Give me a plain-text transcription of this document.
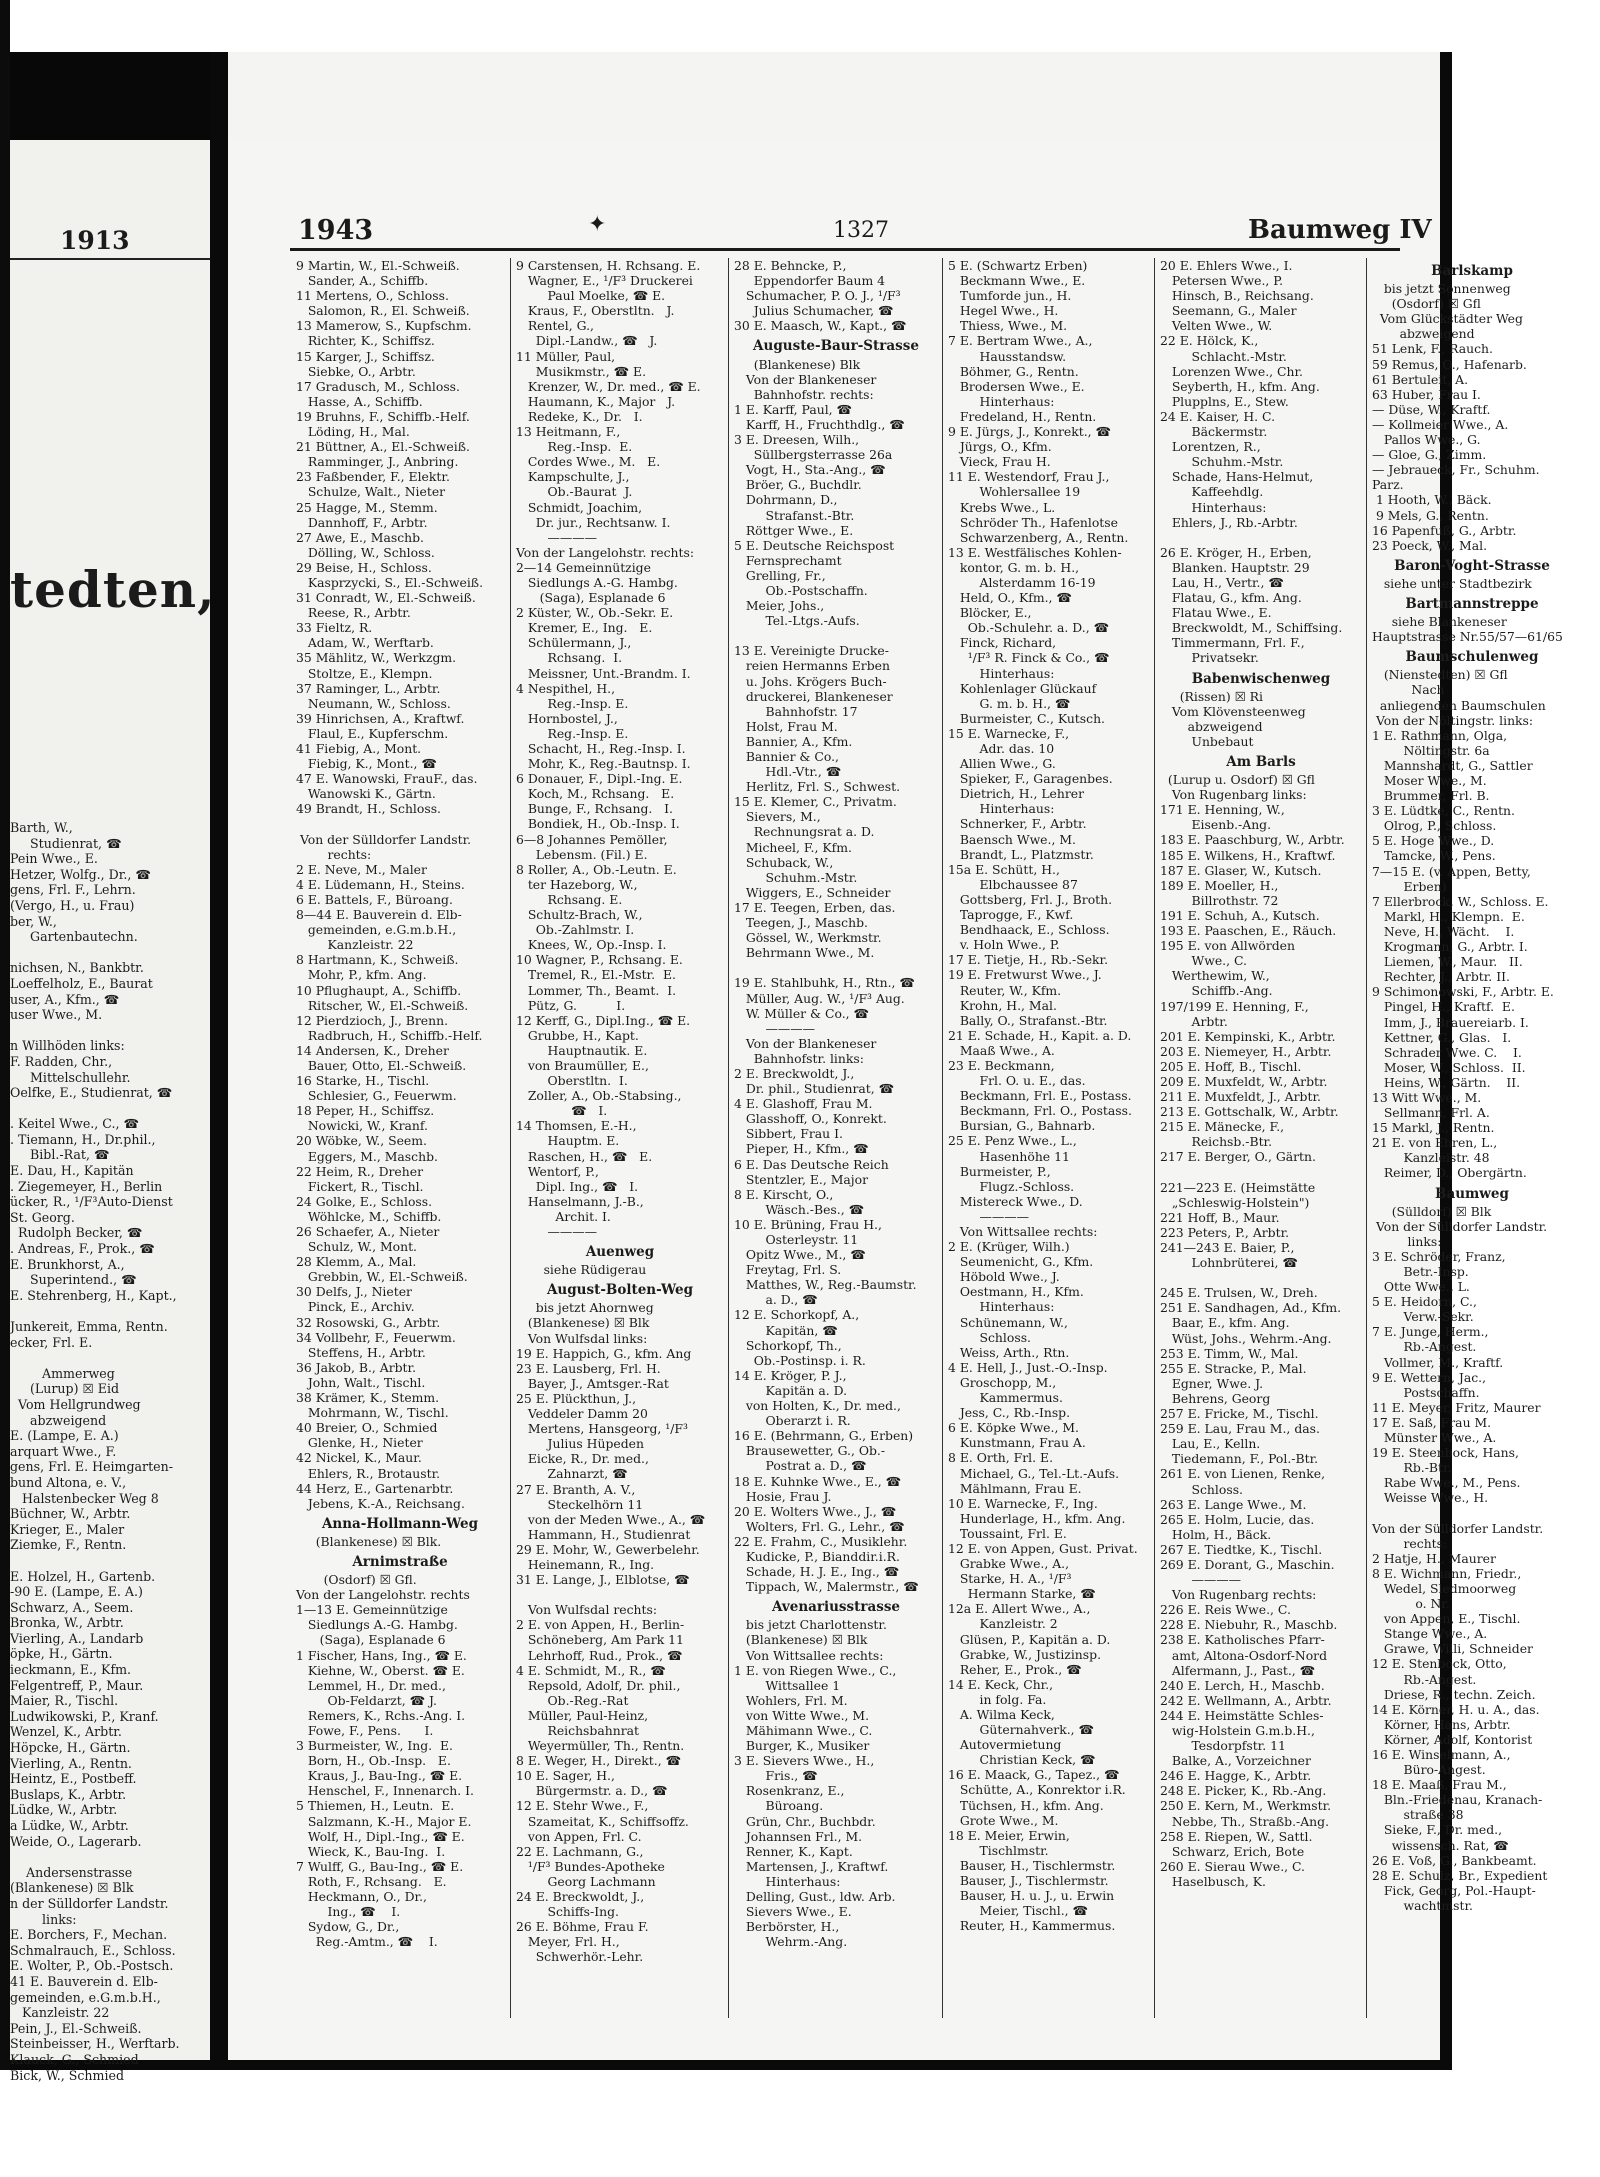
1913
tedten,
Barth, W.,
Studienrat, ☎
Pein Wwe., E.
Hetzer, Wolfg., Dr., ☎
gens, Frl. F., Lehrn.
(Vergo, H., u. Frau)
ber, W.,
Gartenbautechn.

nichsen, N., Bankbtr.
Loeffelholz, E., Baurat
user, A., Kfm., ☎
user Wwe., M.

n Willhöden links:
F. Radden, Chr.,
Mittelschullehr.
Oelfke, E., Studienrat, ☎

. Keitel Wwe., C., ☎
. Tiemann, H., Dr.phil.,
Bibl.-Rat, ☎
E. Dau, H., Kapitän
. Ziegemeyer, H., Berlin
ücker, R., ¹/F³Auto-Dienst
St. Georg.
Rudolph Becker, ☎
. Andreas, F., Prok., ☎
E. Brunkhorst, A.,
Superintend., ☎
E. Stehrenberg, H., Kapt.,

Junkereit, Emma, Rentn.
ecker, Frl. E.

Ammerweg
(Lurup) ☒ Eid
Vom Hellgrundweg
abzweigend
E. (Lampe, E. A.)
arquart Wwe., F.
gens, Frl. E. Heimgarten-
bund Altona, e. V.,
Halstenbecker Weg 8
Büchner, W., Arbtr.
Krieger, E., Maler
Ziemke, F., Rentn.

E. Holzel, H., Gartenb.
-90 E. (Lampe, E. A.)
Schwarz, A., Seem.
Bronka, W., Arbtr.
Vierling, A., Landarb
öpke, H., Gärtn.
ieckmann, E., Kfm.
Felgentreff, P., Maur.
Maier, R., Tischl.
Ludwikowski, P., Kranf.
Wenzel, K., Arbtr.
Höpcke, H., Gärtn.
Vierling, A., Rentn.
Heintz, E., Postbeff.
Buslaps, K., Arbtr.
Lüdke, W., Arbtr.
a Lüdke, W., Arbtr.
Weide, O., Lagerarb.

Andersenstrasse
(Blankenese) ☒ Blk
n der Sülldorfer Landstr.
links:
E. Borchers, F., Mechan.
Schmalrauch, E., Schloss.
E. Wolter, P., Ob.-Postsch.
41 E. Bauverein d. Elb-
gemeinden, e.G.m.b.H.,
Kanzleistr. 22
Pein, J., El.-Schweiß.
Steinbeisser, H., Werftarb.
Klauck, G., Schmied
Bick, W., Schmied
1943	✦	1327	Baumweg IV
9 Martin, W., El.-Schweiß.
Sander, A., Schiffb.
11 Mertens, O., Schloss.
Salomon, R., El. Schweiß.
13 Mamerow, S., Kupfschm.
Richter, K., Schiffsz.
15 Karger, J., Schiffsz.
Siebke, O., Arbtr.
17 Gradusch, M., Schloss.
Hasse, A., Schiffb.
19 Bruhns, F., Schiffb.-Helf.
Löding, H., Mal.
21 Büttner, A., El.-Schweiß.
Ramminger, J., Anbring.
23 Faßbender, F., Elektr.
Schulze, Walt., Nieter
25 Hagge, M., Stemm.
Dannhoff, F., Arbtr.
27 Awe, E., Maschb.
Dölling, W., Schloss.
29 Beise, H., Schloss.
Kasprzycki, S., El.-Schweiß.
31 Conradt, W., El.-Schweiß.
Reese, R., Arbtr.
33 Fieltz, R.
Adam, W., Werftarb.
35 Mählitz, W., Werkzgm.
Stoltze, E., Klempn.
37 Raminger, L., Arbtr.
Neumann, W., Schloss.
39 Hinrichsen, A., Kraftwf.
Flaul, E., Kupferschm.
41 Fiebig, A., Mont.
Fiebig, K., Mont., ☎
47 E. Wanowski, FrauF., das.
Wanowski K., Gärtn.
49 Brandt, H., Schloss.

Von der Sülldorfer Landstr.
rechts:
2 E. Neve, M., Maler
4 E. Lüdemann, H., Steins.
6 E. Battels, F., Büroang.
8—44 E. Bauverein d. Elb-
gemeinden, e.G.m.b.H.,
Kanzleistr. 22
8 Hartmann, K., Schweiß.
Mohr, P., kfm. Ang.
10 Pflughaupt, A., Schiffb.
Ritscher, W., El.-Schweiß.
12 Pierdzioch, J., Brenn.
Radbruch, H., Schiffb.-Helf.
14 Andersen, K., Dreher
Bauer, Otto, El.-Schweiß.
16 Starke, H., Tischl.
Schlesier, G., Feuerwm.
18 Peper, H., Schiffsz.
Nowicki, W., Kranf.
20 Wöbke, W., Seem.
Eggers, M., Maschb.
22 Heim, R., Dreher
Fickert, R., Tischl.
24 Golke, E., Schloss.
Wöhlcke, M., Schiffb.
26 Schaefer, A., Nieter
Schulz, W., Mont.
28 Klemm, A., Mal.
Grebbin, W., El.-Schweiß.
30 Delfs, J., Nieter
Pinck, E., Archiv.
32 Rosowski, G., Arbtr.
34 Vollbehr, F., Feuerwm.
Steffens, H., Arbtr.
36 Jakob, B., Arbtr.
John, Walt., Tischl.
38 Krämer, K., Stemm.
Mohrmann, W., Tischl.
40 Breier, O., Schmied
Glenke, H., Nieter
42 Nickel, K., Maur.
Ehlers, R., Brotaustr.
44 Herz, E., Gartenarbtr.
Jebens, K.-A., Reichsang.
Anna-Hollmann-Weg
(Blankenese) ☒ Blk.
Arnimstraße
(Osdorf) ☒ Gfl.
Von der Langelohstr. rechts
1—13 E. Gemeinnützige
Siedlungs A.-G. Hambg.
(Saga), Esplanade 6
1 Fischer, Hans, Ing., ☎ E.
Kiehne, W., Oberst. ☎ E.
Lemmel, H., Dr. med.,
Ob-Feldarzt, ☎ J.
Remers, K., Rchs.-Ang. I.
Fowe, F., Pens.      I.
3 Burmeister, W., Ing.  E.
Born, H., Ob.-Insp.   E.
Kraus, J., Bau-Ing., ☎ E.
Henschel, F., Innenarch. I.
5 Thiemen, H., Leutn.  E.
Salzmann, K.-H., Major E.
Wolf, H., Dipl.-Ing., ☎ E.
Wieck, K., Bau-Ing.  I.
7 Wulff, G., Bau-Ing., ☎ E.
Roth, F., Rchsang.   E.
Heckmann, O., Dr.,
Ing., ☎    I.
Sydow, G., Dr.,
Reg.-Amtm., ☎    I.
9 Carstensen, H. Rchsang. E.
Wagner, E., ¹/F³ Druckerei
Paul Moelke, ☎ E.
Kraus, F., Oberstltn.   J.
Rentel, G.,
Dipl.-Landw., ☎   J.
11 Müller, Paul,
Musikmstr., ☎ E.
Krenzer, W., Dr. med., ☎ E.
Haumann, K., Major   J.
Redeke, K., Dr.   I.
13 Heitmann, F.,
Reg.-Insp.  E.
Cordes Wwe., M.   E.
Kampschulte, J.,
Ob.-Baurat  J.
Schmidt, Joachim,
Dr. jur., Rechtsanw. I.
————
Von der Langelohstr. rechts:
2—14 Gemeinnützige
Siedlungs A.-G. Hambg.
(Saga), Esplanade 6
2 Küster, W., Ob.-Sekr. E.
Kremer, E., Ing.   E.
Schülermann, J.,
Rchsang.  I.
Meissner, Unt.-Brandm. I.
4 Nespithel, H.,
Reg.-Insp. E.
Hornbostel, J.,
Reg.-Insp. E.
Schacht, H., Reg.-Insp. I.
Mohr, K., Reg.-Bautnsp. I.
6 Donauer, F., Dipl.-Ing. E.
Koch, M., Rchsang.   E.
Bunge, F., Rchsang.   I.
Bondiek, H., Ob.-Insp. I.
6—8 Johannes Pemöller,
Lebensm. (Fil.) E.
8 Roller, A., Ob.-Leutn. E.
ter Hazeborg, W.,
Rchsang. E.
Schultz-Brach, W.,
Ob.-Zahlmstr. I.
Knees, W., Op.-Insp. I.
10 Wagner, P., Rchsang. E.
Tremel, R., El.-Mstr.  E.
Lommer, Th., Beamt.  I.
Pütz, G.          I.
12 Kerff, G., Dipl.Ing., ☎ E.
Grubbe, H., Kapt.
Hauptnautik. E.
von Braumüller, E.,
Oberstltn.  I.
Zoller, A., Ob.-Stabsing.,
☎   I.
14 Thomsen, E.-H.,
Hauptm. E.
Raschen, H., ☎   E.
Wentorf, P.,
Dipl. Ing., ☎   I.
Hanselmann, J.-B.,
Archit. I.
————
Auenweg
siehe Rüdigerau
August-Bolten-Weg
bis jetzt Ahornweg
(Blankenese) ☒ Blk
Von Wulfsdal links:
19 E. Happich, G., kfm. Ang
23 E. Lausberg, Frl. H.
Bayer, J., Amtsger.-Rat
25 E. Plückthun, J.,
Veddeler Damm 20
Mertens, Hansgeorg, ¹/F³
Julius Hüpeden
Eicke, R., Dr. med.,
Zahnarzt, ☎
27 E. Branth, A. V.,
Steckelhörn 11
von der Meden Wwe., A., ☎
Hammann, H., Studienrat
29 E. Mohr, W., Gewerbelehr.
Heinemann, R., Ing.
31 E. Lange, J., Elblotse, ☎

Von Wulfsdal rechts:
2 E. von Appen, H., Berlin-
Schöneberg, Am Park 11
Lehrhoff, Rud., Prok., ☎
4 E. Schmidt, M., R., ☎
Repsold, Adolf, Dr. phil.,
Ob.-Reg.-Rat
Müller, Paul-Heinz,
Reichsbahnrat
Weyermüller, Th., Rentn.
8 E. Weger, H., Direkt., ☎
10 E. Sager, H.,
Bürgermstr. a. D., ☎
12 E. Stehr Wwe., F.,
Szameitat, K., Schiffsoffz.
von Appen, Frl. C.
22 E. Lachmann, G.,
¹/F³ Bundes-Apotheke
Georg Lachmann
24 E. Breckwoldt, J.,
Schiffs-Ing.
26 E. Böhme, Frau F.
Meyer, Frl. H.,
Schwerhör.-Lehr.
28 E. Behncke, P.,
Eppendorfer Baum 4
Schumacher, P. O. J., ¹/F³
Julius Schumacher, ☎
30 E. Maasch, W., Kapt., ☎
Auguste-Baur-Strasse
(Blankenese) Blk
Von der Blankeneser
Bahnhofstr. rechts:
1 E. Karff, Paul, ☎
Karff, H., Fruchthdlg., ☎
3 E. Dreesen, Wilh.,
Süllbergsterrasse 26a
Vogt, H., Sta.-Ang., ☎
Bröer, G., Buchdlr.
Dohrmann, D.,
Strafanst.-Btr.
Röttger Wwe., E.
5 E. Deutsche Reichspost
Fernsprechamt
Grelling, Fr.,
Ob.-Postschaffn.
Meier, Johs.,
Tel.-Ltgs.-Aufs.

13 E. Vereinigte Drucke-
reien Hermanns Erben
u. Johs. Krögers Buch-
druckerei, Blankeneser
Bahnhofstr. 17
Holst, Frau M.
Bannier, A., Kfm.
Bannier & Co.,
Hdl.-Vtr., ☎
Herlitz, Frl. S., Schwest.
15 E. Klemer, C., Privatm.
Sievers, M.,
Rechnungsrat a. D.
Micheel, F., Kfm.
Schuback, W.,
Schuhm.-Mstr.
Wiggers, E., Schneider
17 E. Teegen, Erben, das.
Teegen, J., Maschb.
Gössel, W., Werkmstr.
Behrmann Wwe., M.

19 E. Stahlbuhk, H., Rtn., ☎
Müller, Aug. W., ¹/F³ Aug.
W. Müller & Co., ☎
————
Von der Blankeneser
Bahnhofstr. links:
2 E. Breckwoldt, J.,
Dr. phil., Studienrat, ☎
4 E. Glashoff, Frau M.
Glasshoff, O., Konrekt.
Sibbert, Frau I.
Pieper, H., Kfm., ☎
6 E. Das Deutsche Reich
Stentzler, E., Major
8 E. Kirscht, O.,
Wäsch.-Bes., ☎
10 E. Brüning, Frau H.,
Osterleystr. 11
Opitz Wwe., M., ☎
Freytag, Frl. S.
Matthes, W., Reg.-Baumstr.
a. D., ☎
12 E. Schorkopf, A.,
Kapitän, ☎
Schorkopf, Th.,
Ob.-Postinsp. i. R.
14 E. Kröger, P. J.,
Kapitän a. D.
von Holten, K., Dr. med.,
Oberarzt i. R.
16 E. (Behrmann, G., Erben)
Brausewetter, G., Ob.-
Postrat a. D., ☎
18 E. Kuhnke Wwe., E., ☎
Hosie, Frau J.
20 E. Wolters Wwe., J., ☎
Wolters, Frl. G., Lehr., ☎
22 E. Frahm, C., Musiklehr.
Kudicke, P., Bianddir.i.R.
Schade, H. J. E., Ing., ☎
Tippach, W., Malermstr., ☎
Avenariusstrasse
bis jetzt Charlottenstr.
(Blankenese) ☒ Blk
Von Wittsallee rechts:
1 E. von Riegen Wwe., C.,
Wittsallee 1
Wohlers, Frl. M.
von Witte Wwe., M.
Mähimann Wwe., C.
Burger, K., Musiker
3 E. Sievers Wwe., H.,
Fris., ☎
Rosenkranz, E.,
Büroang.
Grün, Chr., Buchbdr.
Johannsen Frl., M.
Renner, K., Kapt.
Martensen, J., Kraftwf.
Hinterhaus:
Delling, Gust., ldw. Arb.
Sievers Wwe., E.
Berbörster, H.,
Wehrm.-Ang.
5 E. (Schwartz Erben)
Beckmann Wwe., E.
Tumforde jun., H.
Hegel Wwe., H.
Thiess, Wwe., M.
7 E. Bertram Wwe., A.,
Hausstandsw.
Böhmer, G., Rentn.
Brodersen Wwe., E.
Hinterhaus:
Fredeland, H., Rentn.
9 E. Jürgs, J., Konrekt., ☎
Jürgs, O., Kfm.
Vieck, Frau H.
11 E. Westendorf, Frau J.,
Wohlersallee 19
Krebs Wwe., L.
Schröder Th., Hafenlotse
Schwarzenberg, A., Rentn.
13 E. Westfälisches Kohlen-
kontor, G. m. b. H.,
Alsterdamm 16-19
Held, O., Kfm., ☎
Blöcker, E.,
Ob.-Schulehr. a. D., ☎
Finck, Richard,
¹/F³ R. Finck & Co., ☎
Hinterhaus:
Kohlenlager Glückauf
G. m. b. H., ☎
Burmeister, C., Kutsch.
15 E. Warnecke, F.,
Adr. das. 10
Allien Wwe., G.
Spieker, F., Garagenbes.
Dietrich, H., Lehrer
Hinterhaus:
Schnerker, F., Arbtr.
Baensch Wwe., M.
Brandt, L., Platzmstr.
15a E. Schütt, H.,
Elbchaussee 87
Gottsberg, Frl. J., Broth.
Taprogge, F., Kwf.
Bendhaack, E., Schloss.
v. Holn Wwe., P.
17 E. Tietje, H., Rb.-Sekr.
19 E. Fretwurst Wwe., J.
Reuter, W., Kfm.
Krohn, H., Mal.
Bally, O., Strafanst.-Btr.
21 E. Schade, H., Kapit. a. D.
Maaß Wwe., A.
23 E. Beckmann,
Frl. O. u. E., das.
Beckmann, Frl. E., Postass.
Beckmann, Frl. O., Postass.
Bursian, G., Bahnarb.
25 E. Penz Wwe., L.,
Hasenhöhe 11
Burmeister, P.,
Flugz.-Schloss.
Mistereck Wwe., D.
————
Von Wittsallee rechts:
2 E. (Krüger, Wilh.)
Seumenicht, G., Kfm.
Höbold Wwe., J.
Oestmann, H., Kfm.
Hinterhaus:
Schünemann, W.,
Schloss.
Weiss, Arth., Rtn.
4 E. Hell, J., Just.-O.-Insp.
Groschopp, M.,
Kammermus.
Jess, C., Rb.-Insp.
6 E. Köpke Wwe., M.
Kunstmann, Frau A.
8 E. Orth, Frl. E.
Michael, G., Tel.-Lt.-Aufs.
Mählmann, Frau E.
10 E. Warnecke, F., Ing.
Hunderlage, H., kfm. Ang.
Toussaint, Frl. E.
12 E. von Appen, Gust. Privat.
Grabke Wwe., A.,
Starke, H. A., ¹/F³
Hermann Starke, ☎
12a E. Allert Wwe., A.,
Kanzleistr. 2
Glüsen, P., Kapitän a. D.
Grabke, W., Justizinsp.
Reher, E., Prok., ☎
14 E. Keck, Chr.,
in folg. Fa.
A. Wilma Keck,
Güternahverk., ☎
Autovermietung
Christian Keck, ☎
16 E. Maack, G., Tapez., ☎
Schütte, A., Konrektor i.R.
Tüchsen, H., kfm. Ang.
Grote Wwe., M.
18 E. Meier, Erwin,
Tischlmstr.
Bauser, H., Tischlermstr.
Bauser, J., Tischlermstr.
Bauser, H. u. J., u. Erwin
Meier, Tischl., ☎
Reuter, H., Kammermus.
20 E. Ehlers Wwe., I.
Petersen Wwe., P.
Hinsch, B., Reichsang.
Seemann, G., Maler
Velten Wwe., W.
22 E. Hölck, K.,
Schlacht.-Mstr.
Lorenzen Wwe., Chr.
Seyberth, H., kfm. Ang.
Plupplns, E., Stew.
24 E. Kaiser, H. C.
Bäckermstr.
Lorentzen, R.,
Schuhm.-Mstr.
Schade, Hans-Helmut,
Kaffeehdlg.
Hinterhaus:
Ehlers, J., Rb.-Arbtr.

26 E. Kröger, H., Erben,
Blanken. Hauptstr. 29
Lau, H., Vertr., ☎
Flatau, G., kfm. Ang.
Flatau Wwe., E.
Breckwoldt, M., Schiffsing.
Timmermann, Frl. F.,
Privatsekr.
Babenwischenweg
(Rissen) ☒ Ri
Vom Klövensteenweg
abzweigend
Unbebaut
Am Barls
(Lurup u. Osdorf) ☒ Gfl
Von Rugenbarg links:
171 E. Henning, W.,
Eisenb.-Ang.
183 E. Paaschburg, W., Arbtr.
185 E. Wilkens, H., Kraftwf.
187 E. Glaser, W., Kutsch.
189 E. Moeller, H.,
Billrothstr. 72
191 E. Schuh, A., Kutsch.
193 E. Paaschen, E., Räuch.
195 E. von Allwörden
Wwe., C.
Werthewim, W.,
Schiffb.-Ang.
197/199 E. Henning, F.,
Arbtr.
201 E. Kempinski, K., Arbtr.
203 E. Niemeyer, H., Arbtr.
205 E. Hoff, B., Tischl.
209 E. Muxfeldt, W., Arbtr.
211 E. Muxfeldt, J., Arbtr.
213 E. Gottschalk, W., Arbtr.
215 E. Mänecke, F.,
Reichsb.-Btr.
217 E. Berger, O., Gärtn.

221—223 E. (Heimstätte
„Schleswig-Holstein")
221 Hoff, B., Maur.
223 Peters, P., Arbtr.
241—243 E. Baier, P.,
Lohnbrüterei, ☎

245 E. Trulsen, W., Dreh.
251 E. Sandhagen, Ad., Kfm.
Baar, E., kfm. Ang.
Wüst, Johs., Wehrm.-Ang.
253 E. Timm, W., Mal.
255 E. Stracke, P., Mal.
Egner, Wwe. J.
Behrens, Georg
257 E. Fricke, M., Tischl.
259 E. Lau, Frau M., das.
Lau, E., Kelln.
Tiedemann, F., Pol.-Btr.
261 E. von Lienen, Renke,
Schloss.
263 E. Lange Wwe., M.
265 E. Holm, Lucie, das.
Holm, H., Bäck.
267 E. Tiedtke, K., Tischl.
269 E. Dorant, G., Maschin.
————
Von Rugenbarg rechts:
226 E. Reis Wwe., C.
228 E. Niebuhr, R., Maschb.
238 E. Katholisches Pfarr-
amt, Altona-Osdorf-Nord
Alfermann, J., Past., ☎
240 E. Lerch, H., Maschb.
242 E. Wellmann, A., Arbtr.
244 E. Heimstätte Schles-
wig-Holstein G.m.b.H.,
Tesdorpfstr. 11
Balke, A., Vorzeichner
246 E. Hagge, K., Arbtr.
248 E. Picker, K., Rb.-Ang.
250 E. Kern, M., Werkmstr.
Nebbe, Th., Straßb.-Ang.
258 E. Riepen, W., Sattl.
Schwarz, Erich, Bote
260 E. Sierau Wwe., C.
Haselbusch, K.
Barlskamp
bis jetzt Sonnenweg
(Osdorf) ☒ Gfl
Vom Glückstädter Weg
abzweigend
51 Lenk, F., Rauch.
59 Remus, O., Hafenarb.
61 Bertuleit, A.
63 Huber, Frau I.
— Düse, W., Kraftf.
— Kollmeier Wwe., A.
Pallos Wwe., G.
— Gloe, G., Zimm.
— Jebraueck, Fr., Schuhm.
Parz.
1 Hooth, W., Bäck.
9 Mels, G., Rentn.
16 Papenfuß, G., Arbtr.
23 Poeck, W., Mal.
Baron-Voght-Strasse
siehe unter Stadtbezirk
Bartmannstreppe
siehe Blankeneser
Hauptstrasse Nr.55/57—61/65
Baumschulenweg
(Nienstedten) ☒ Gfl
Nach
anliegenden Baumschulen
Von der Nöltingstr. links:
1 E. Rathmann, Olga,
Nöltingstr. 6a
Mannshardt, G., Sattler
Moser Wwe., M.
Brummer, Frl. B.
3 E. Lüdtke, C., Rentn.
Olrog, P., Schloss.
5 E. Hoge Wwe., D.
Tamcke, W., Pens.
7—15 E. (v. Appen, Betty,
Erben)
7 Ellerbrock, W., Schloss. E.
Markl, H., Klempn.  E.
Neve, H., Wächt.    I.
Krogmann, G., Arbtr. I.
Liemen, W., Maur.   II.
Rechter, J., Arbtr. II.
9 Schimonowski, F., Arbtr. E.
Pingel, H., Kraftf.  E.
Imm, J., Brauereiarb. I.
Kettner, G., Glas.   I.
Schrader Wwe. C.    I.
Moser, W., Schloss.  II.
Heins, W., Gärtn.    II.
13 Witt Wwe., M.
Sellmann, Frl. A.
15 Markl, J., Rentn.
21 E. von Ehren, L.,
Kanzleistr. 48
Reimer, D., Obergärtn.
Baumweg
(Sülldorf) ☒ Blk
Von der Sülldorfer Landstr.
links:
3 E. Schröder, Franz,
Betr.-Insp.
Otte Wwe., L.
5 E. Heidorn, C.,
Verw.-Sekr.
7 E. Junge, Herm.,
Rb.-Angest.
Vollmer, M., Kraftf.
9 E. Wettern, Jac.,
Postschaffn.
11 E. Meyer, Fritz, Maurer
17 E. Saß, Frau M.
Münster Wwe., A.
19 E. Steenbock, Hans,
Rb.-Btr.
Rabe Wwe., M., Pens.
Weisse Wwe., H.

Von der Sülldorfer Landstr.
rechts:
2 Hatje, H., Maurer
8 E. Wichmann, Friedr.,
Wedel, Sledmoorweg
o. Nr.
von Appen, E., Tischl.
Stange Wwe., A.
Grawe, Willi, Schneider
12 E. Stenbock, Otto,
Rb.-Angest.
Driese, R., techn. Zeich.
14 E. Körner, H. u. A., das.
Körner, Hans, Arbtr.
Körner, Adolf, Kontorist
16 E. Winselmann, A.,
Büro-Angest.
18 E. Maaß, Frau M.,
Bln.-Friedenau, Kranach-
straße 38
Sieke, F., Dr. med.,
wissensch. Rat, ☎
26 E. Voß, G., Bankbeamt.
28 E. Schulz, Br., Expedient
Fick, Georg, Pol.-Haupt-
wachtmstr.
